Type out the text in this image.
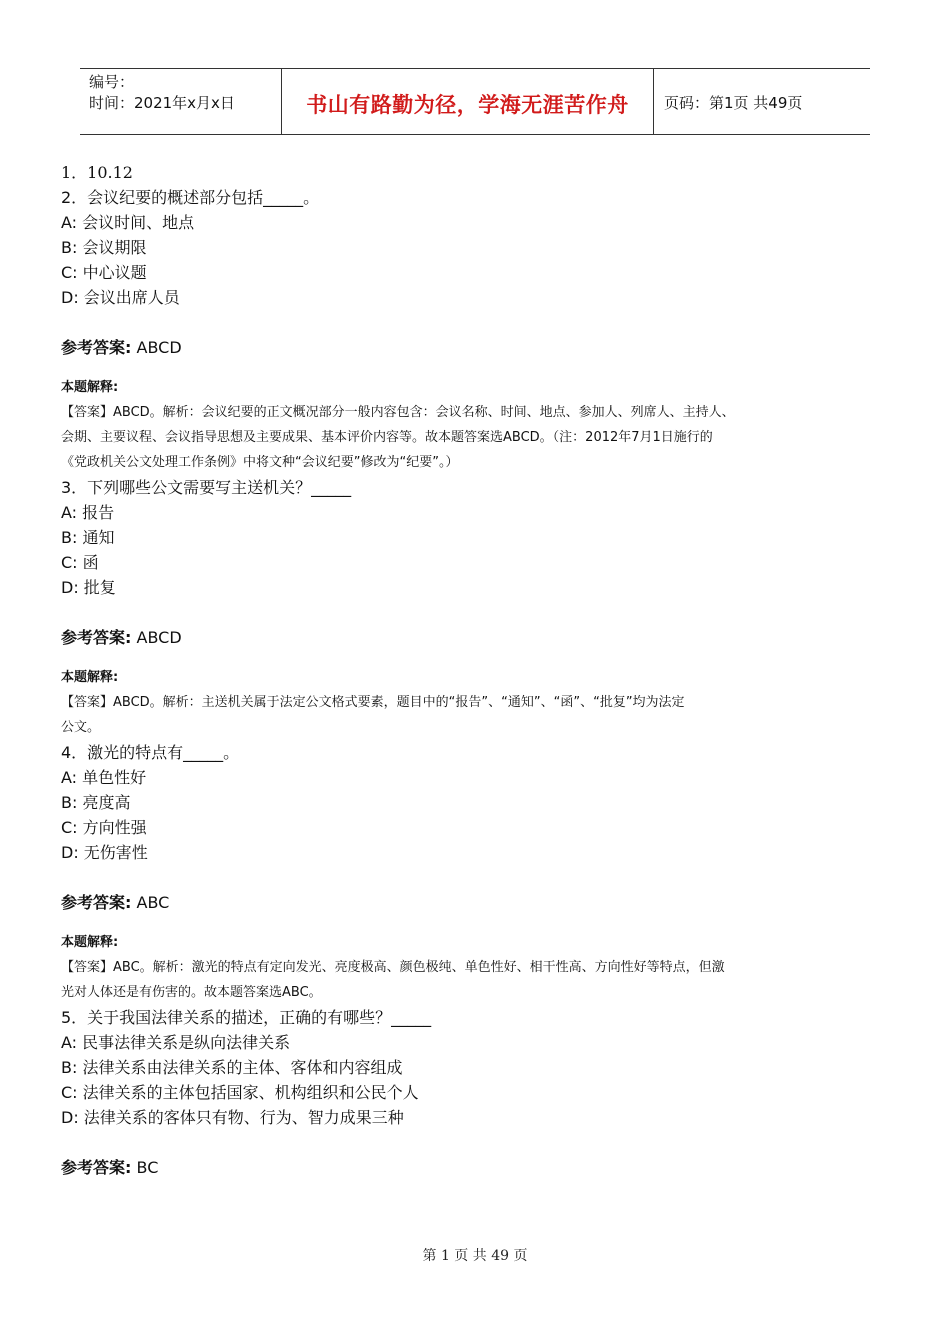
编号：
时间：2021年x月x日	书山有路勤为径，学海无涯苦作舟	页码：第1页 共49页
1．10.12
2．会议纪要的概述部分包括_____。
A: 会议时间、地点
B: 会议期限
C: 中心议题
D: 会议出席人员
参考答案: ABCD
本题解释:
【答案】ABCD。解析：会议纪要的正文概况部分一般内容包含：会议名称、时间、地点、参加人、列席人、主持人、
会期、主要议程、会议指导思想及主要成果、基本评价内容等。故本题答案选ABCD。（注：2012年7月1日施行的
《党政机关公文处理工作条例》中将文种“会议纪要”修改为“纪要”。）
3．下列哪些公文需要写主送机关？_____
A: 报告
B: 通知
C: 函
D: 批复
参考答案: ABCD
本题解释:
【答案】ABCD。解析：主送机关属于法定公文格式要素，题目中的“报告”、“通知”、“函”、“批复”均为法定
公文。
4．激光的特点有_____。
A: 单色性好
B: 亮度高
C: 方向性强
D: 无伤害性
参考答案: ABC
本题解释:
【答案】ABC。解析：激光的特点有定向发光、亮度极高、颜色极纯、单色性好、相干性高、方向性好等特点，但激
光对人体还是有伤害的。故本题答案选ABC。
5．关于我国法律关系的描述，正确的有哪些？_____
A: 民事法律关系是纵向法律关系
B: 法律关系由法律关系的主体、客体和内容组成
C: 法律关系的主体包括国家、机构组织和公民个人
D: 法律关系的客体只有物、行为、智力成果三种
参考答案: BC
第 1 页 共 49 页
